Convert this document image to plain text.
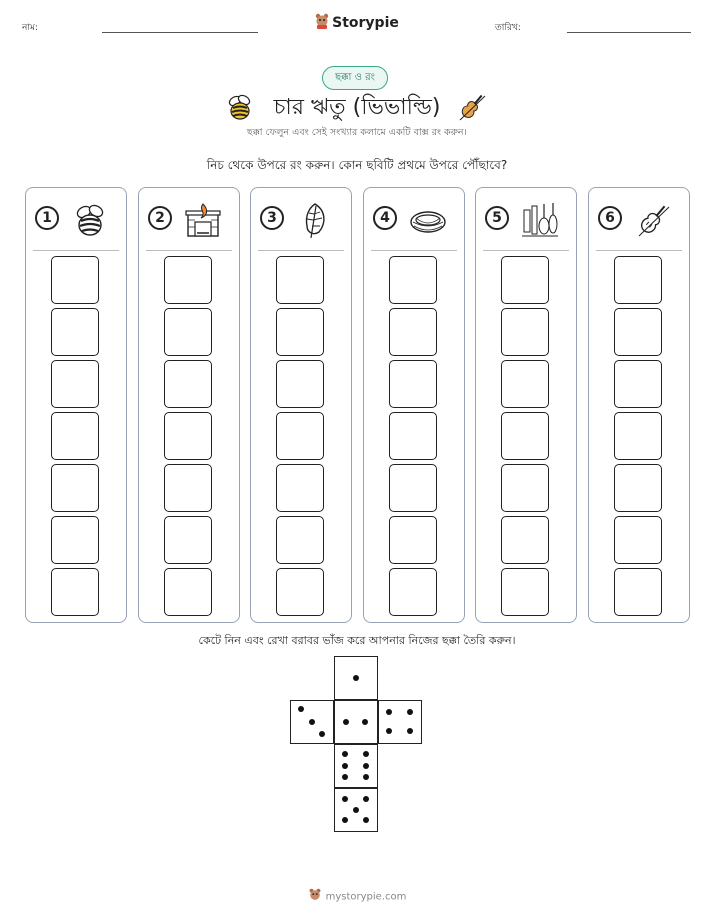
নাম:	Storypie	তারিখ:
ছক্কা ও রং
চার ঋতু (ভিভাল্ডি)
ছক্কা ফেলুন এবং সেই সংখ্যার কলামে একটি বাক্স রং করুন।
নিচ থেকে উপরে রং করুন। কোন ছবিটি প্রথমে উপরে পৌঁছাবে?
1	2	3	4	5	6
কেটে নিন এবং রেখা বরাবর ভাঁজ করে আপনার নিজের ছক্কা তৈরি করুন।
mystorypie.com
